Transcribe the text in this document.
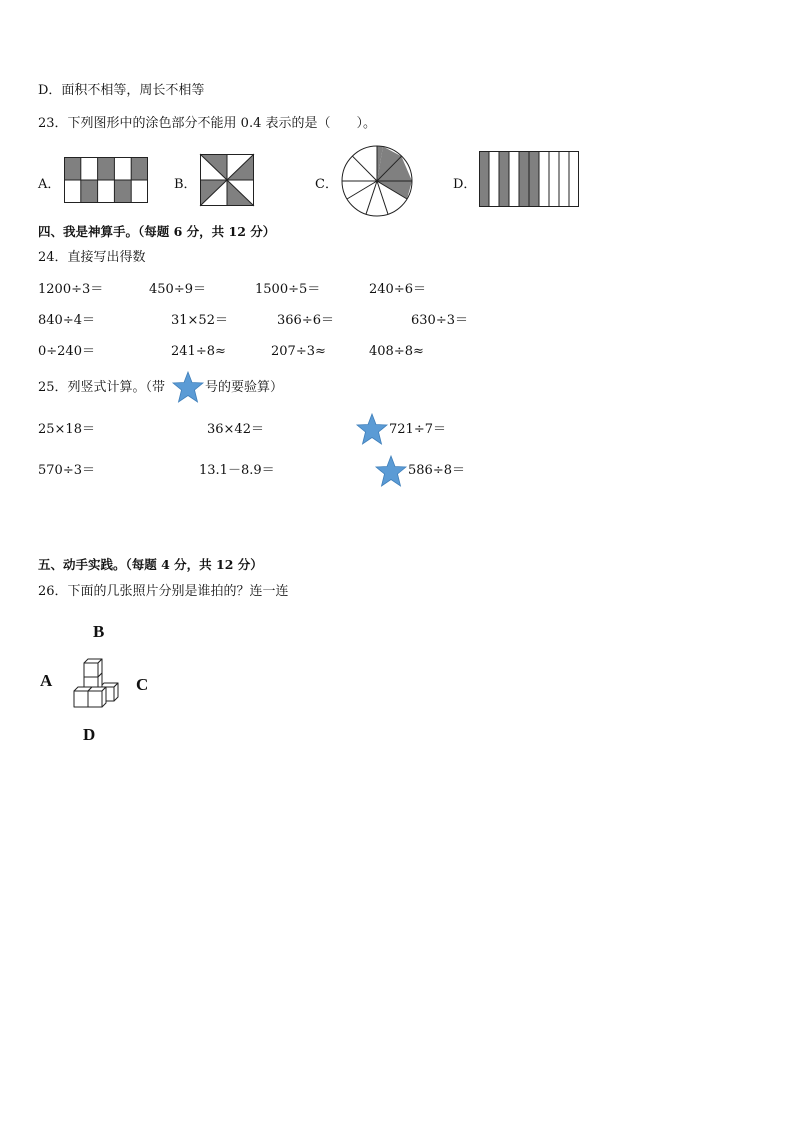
D．面积不相等，周长不相等
23．下列图形中的涂色部分不能用 0.4 表示的是（　　）。
A．	B．	C．	D．
四、我是神算手。（每题 6 分，共 12 分）
24．直接写出得数
1200÷3＝	450÷9＝	1500÷5＝	240÷6＝
840÷4＝	31×52＝	366÷6＝	630÷3＝
0÷240＝	241÷8≈	207÷3≈	408÷8≈
25．列竖式计算。（带	号的要验算）
25×18＝	36×42＝	721÷7＝
570÷3＝	13.1－8.9＝	586÷8＝
五、动手实践。（每题 4 分，共 12 分）
26．下面的几张照片分别是谁拍的？连一连
B
A	C
D
